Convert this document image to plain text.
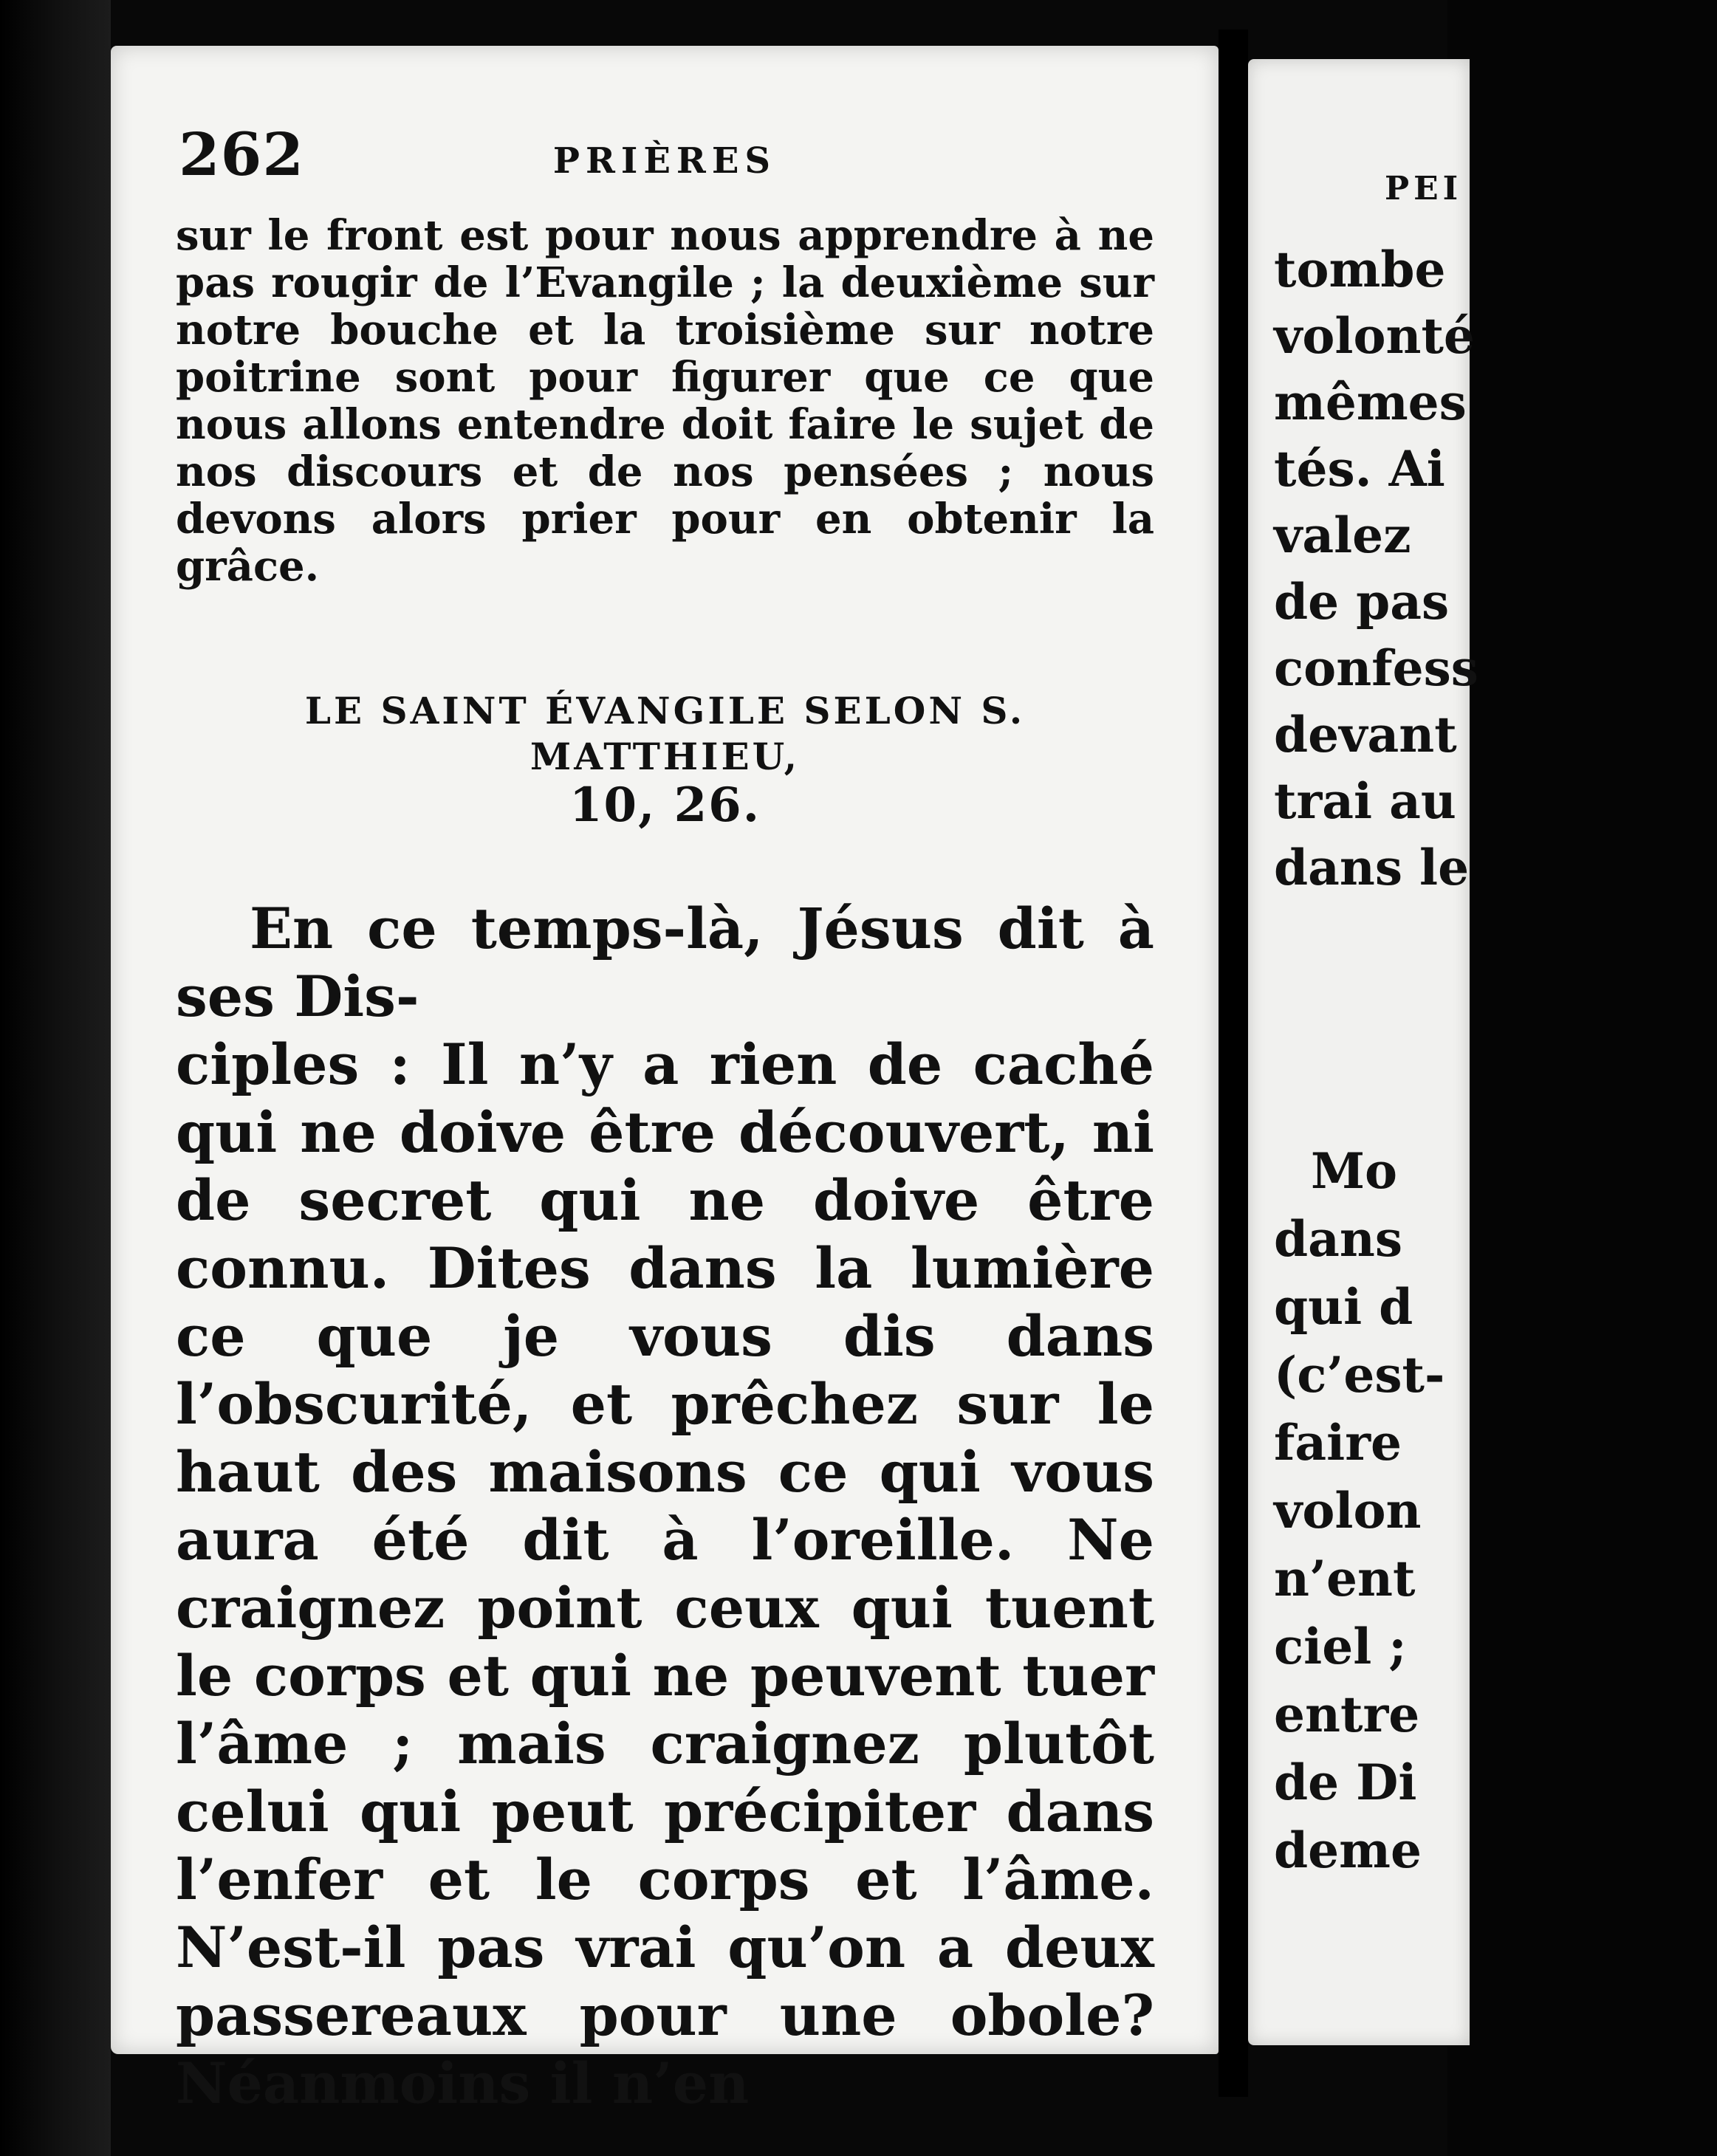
262	PRIÈRES

sur le front est pour nous apprendre à ne pas rougir de l’Evangile ; la deuxième sur notre bouche et la troisième sur notre poitrine sont pour figurer que ce que nous allons entendre doit faire le sujet de nos discours et de nos pensées ; nous devons alors prier pour en obtenir la grâce.

LE SAINT ÉVANGILE SELON S. MATTHIEU,
10, 26.
En ce temps-là, Jésus dit à ses Dis-
ciples : Il n’y a rien de caché qui ne doive être découvert, ni de secret qui ne doive être connu. Dites dans la lumière ce que je vous dis dans l’obscurité, et prêchez sur le haut des maisons ce qui vous aura été dit à l’oreille. Ne craignez point ceux qui tuent le corps et qui ne peuvent tuer l’âme ; mais craignez plutôt celui qui peut précipiter dans l’enfer et le corps et l’âme. N’est-il pas vrai qu’on a deux passereaux pour une obole? Néanmoins il n’en
PEI
tombe
volonté
mêmes
tés. Ai
valez
de pas
confess
devant
trai au
dans le
Mo
dans
qui d
(c’est-
faire
volon
n’ent
ciel ;
entre
de Di
deme
